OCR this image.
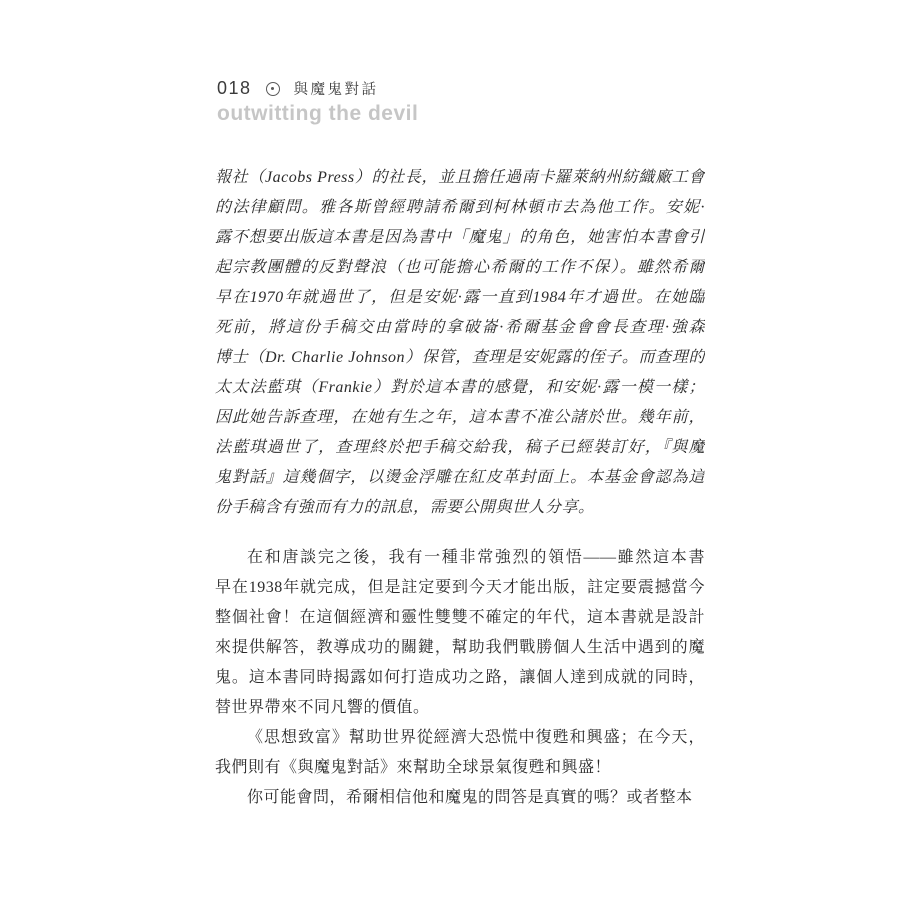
018	與魔鬼對話
outwitting the devil
報社（Jacobs Press）的社長，並且擔任過南卡羅萊納州紡織廠工會
的法律顧問。雅各斯曾經聘請希爾到柯林頓市去為他工作。安妮·
露不想要出版這本書是因為書中「魔鬼」的角色，她害怕本書會引
起宗教團體的反對聲浪（也可能擔心希爾的工作不保）。雖然希爾
早在1970年就過世了，但是安妮·露一直到1984年才過世。在她臨
死前，將這份手稿交由當時的拿破崙·希爾基金會會長查理·強森
博士（Dr. Charlie Johnson）保管，查理是安妮露的侄子。而查理的
太太法藍琪（Frankie）對於這本書的感覺，和安妮·露一模一樣；
因此她告訴查理，在她有生之年，這本書不准公諸於世。幾年前，
法藍琪過世了，查理終於把手稿交給我，稿子已經裝訂好，『與魔
鬼對話』這幾個字，以燙金浮雕在紅皮革封面上。本基金會認為這
份手稿含有強而有力的訊息，需要公開與世人分享。
在和唐談完之後，我有一種非常強烈的領悟——雖然這本書
早在1938年就完成，但是註定要到今天才能出版，註定要震撼當今
整個社會！在這個經濟和靈性雙雙不確定的年代，這本書就是設計
來提供解答，教導成功的關鍵，幫助我們戰勝個人生活中遇到的魔
鬼。這本書同時揭露如何打造成功之路，讓個人達到成就的同時，
替世界帶來不同凡響的價值。
《思想致富》幫助世界從經濟大恐慌中復甦和興盛；在今天，
我們則有《與魔鬼對話》來幫助全球景氣復甦和興盛！
你可能會問，希爾相信他和魔鬼的問答是真實的嗎？或者整本
